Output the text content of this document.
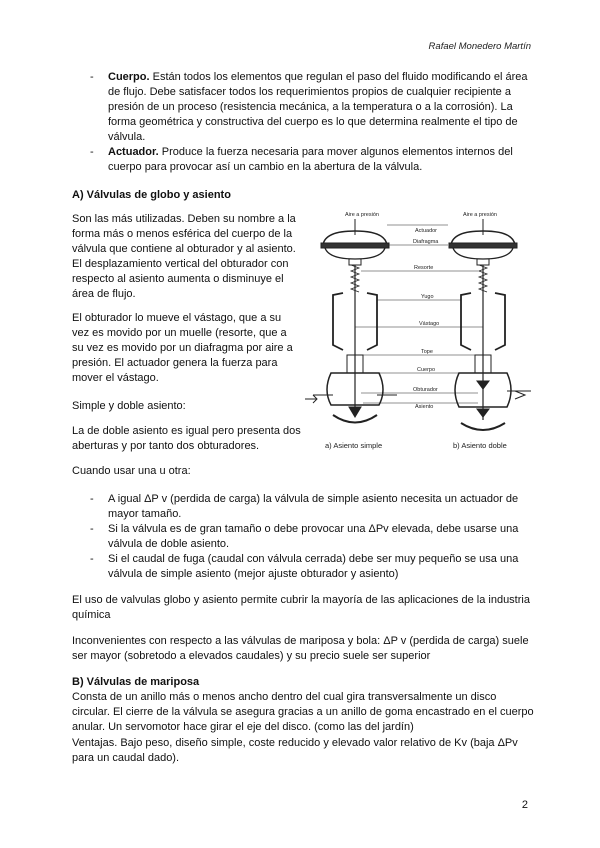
Rafael Monedero Martín
- Cuerpo. Están todos los elementos que regulan el paso del fluido modificando el área de flujo. Debe satisfacer todos los requerimientos propios de cualquier recipiente a presión de un proceso (resistencia mecánica, a la temperatura o a la corrosión). La forma geométrica y constructiva del cuerpo es lo que determina realmente el tipo de válvula.
- Actuador. Produce la fuerza necesaria para mover algunos elementos internos del cuerpo para provocar así un cambio en la abertura de la válvula.
A) Válvulas de globo y asiento

Son las más utilizadas. Deben su nombre a la forma más o menos esférica del cuerpo de la válvula que contiene al obturador y al asiento. El desplazamiento vertical del obturador con respecto al asiento aumenta o disminuye el área de flujo.

El obturador lo mueve el vástago, que a su vez es movido por un muelle (resorte, que a su vez es movido por un diafragma por aire a presión. El actuador genera la fuerza para mover el vástago.

Simple y doble asiento:

La de doble asiento es igual pero presenta dos aberturas y por tanto dos obturadores.

Cuando usar una u otra:

- A igual ΔP v (perdida de carga) la válvula de simple asiento necesita un actuador de mayor tamaño.
- Si la válvula es de gran tamaño o debe provocar una ΔPv elevada, debe usarse una válvula de doble asiento.
- Si el caudal de fuga (caudal con válvula cerrada) debe ser muy pequeño se usa una válvula de simple asiento (mejor ajuste obturador y asiento)

El uso de valvulas globo y asiento permite cubrir la mayoría de las aplicaciones de la industria química

Inconvenientes con respecto a las válvulas de mariposa y bola: ΔP v (perdida de carga) suele ser mayor (sobretodo a elevados caudales) y su precio suele ser superior

B) Válvulas de mariposa

Consta de un anillo más o menos ancho dentro del cual gira transversalmente un disco circular. El cierre de la válvula se asegura gracias a un anillo de goma encastrado en el cuerpo anular. Un servomotor hace girar el eje del disco. (como las del jardín)

Ventajas. Bajo peso, diseño simple, coste reducido y elevado valor relativo de Kv (baja ΔPv para un caudal dado).

2
Aire a presión	Aire a presión
Actuador
Diafragma
Resorte
Yugo
Vástago
Tope
Cuerpo
Obturador
Asiento
a) Asiento simple	b) Asiento doble
